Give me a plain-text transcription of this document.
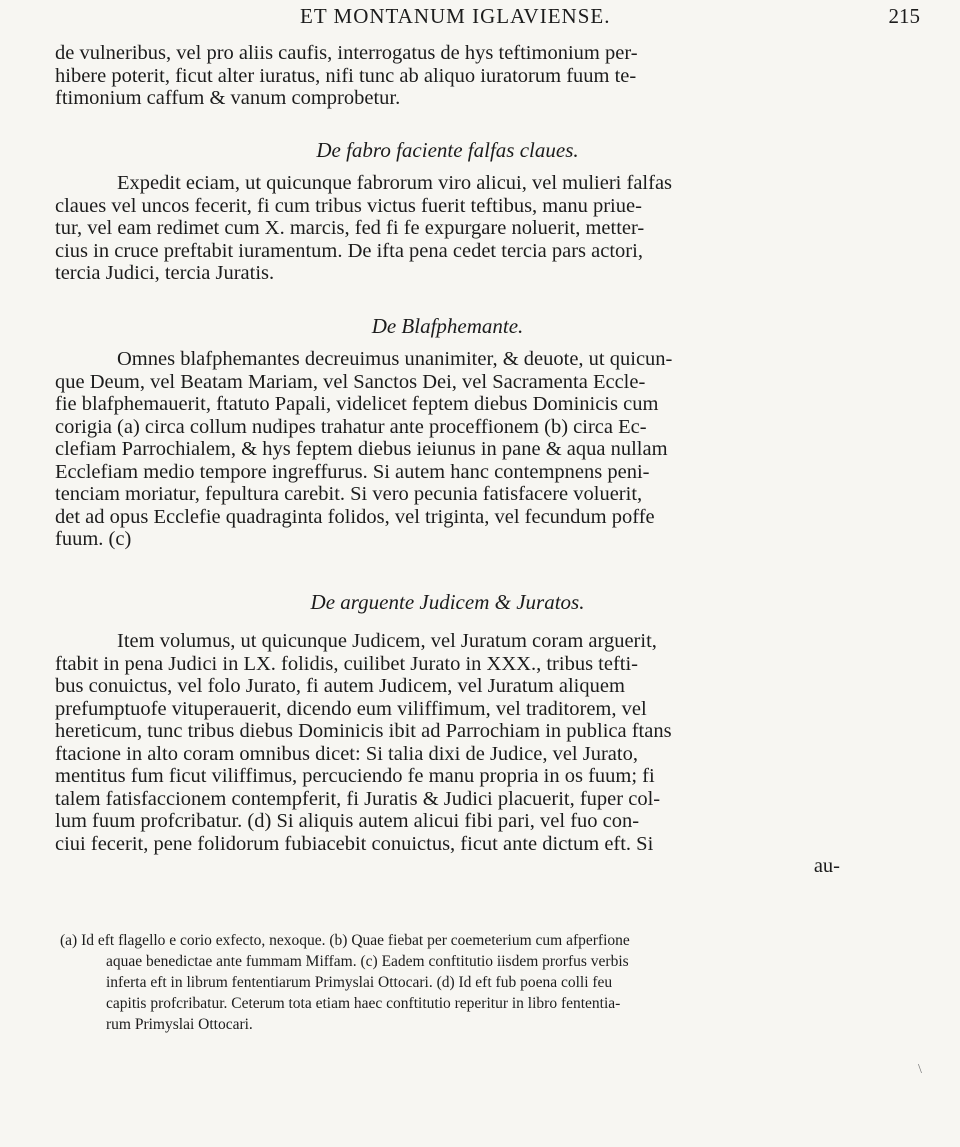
ET MONTANUM IGLAVIENSE.	215
de vulneribus, vel pro aliis caufis, interrogatus de hys teftimonium per-
hibere poterit, ficut alter iuratus, nifi tunc ab aliquo iuratorum fuum te-
ftimonium caffum & vanum comprobetur.
De fabro faciente falfas claues.
Expedit eciam, ut quicunque fabrorum viro alicui, vel mulieri falfas
claues vel uncos fecerit, fi cum tribus victus fuerit teftibus, manu priue-
tur, vel eam redimet cum X. marcis, fed fi fe expurgare noluerit, metter-
cius in cruce preftabit iuramentum. De ifta pena cedet tercia pars actori,
tercia Judici, tercia Juratis.
De Blafphemante.
Omnes blafphemantes decreuimus unanimiter, & deuote, ut quicun-
que Deum, vel Beatam Mariam, vel Sanctos Dei, vel Sacramenta Eccle-
fie blafphemauerit, ftatuto Papali, videlicet feptem diebus Dominicis cum
corigia (a) circa collum nudipes trahatur ante proceffionem (b) circa Ec-
clefiam Parrochialem, & hys feptem diebus ieiunus in pane & aqua nullam
Ecclefiam medio tempore ingreffurus. Si autem hanc contempnens peni-
tenciam moriatur, fepultura carebit. Si vero pecunia fatisfacere voluerit,
det ad opus Ecclefie quadraginta folidos, vel triginta, vel fecundum poffe
fuum. (c)
De arguente Judicem & Juratos.
Item volumus, ut quicunque Judicem, vel Juratum coram arguerit,
ftabit in pena Judici in LX. folidis, cuilibet Jurato in XXX., tribus tefti-
bus conuictus, vel folo Jurato, fi autem Judicem, vel Juratum aliquem
prefumptuofe vituperauerit, dicendo eum viliffimum, vel traditorem, vel
hereticum, tunc tribus diebus Dominicis ibit ad Parrochiam in publica ftans
ftacione in alto coram omnibus dicet: Si talia dixi de Judice, vel Jurato,
mentitus fum ficut viliffimus, percuciendo fe manu propria in os fuum; fi
talem fatisfaccionem contempferit, fi Juratis & Judici placuerit, fuper col-
lum fuum profcribatur. (d) Si aliquis autem alicui fibi pari, vel fuo con-
ciui fecerit, pene folidorum fubiacebit conuictus, ficut ante dictum eft. Si
au-
(a) Id eft flagello e corio exfecto, nexoque. (b) Quae fiebat per coemeterium cum afperfione
aquae benedictae ante fummam Miffam. (c) Eadem conftitutio iisdem prorfus verbis
inferta eft in librum fententiarum Primyslai Ottocari. (d) Id eft fub poena colli feu
capitis profcribatur. Ceterum tota etiam haec conftitutio reperitur in libro fententia-
rum Primyslai Ottocari.
\
